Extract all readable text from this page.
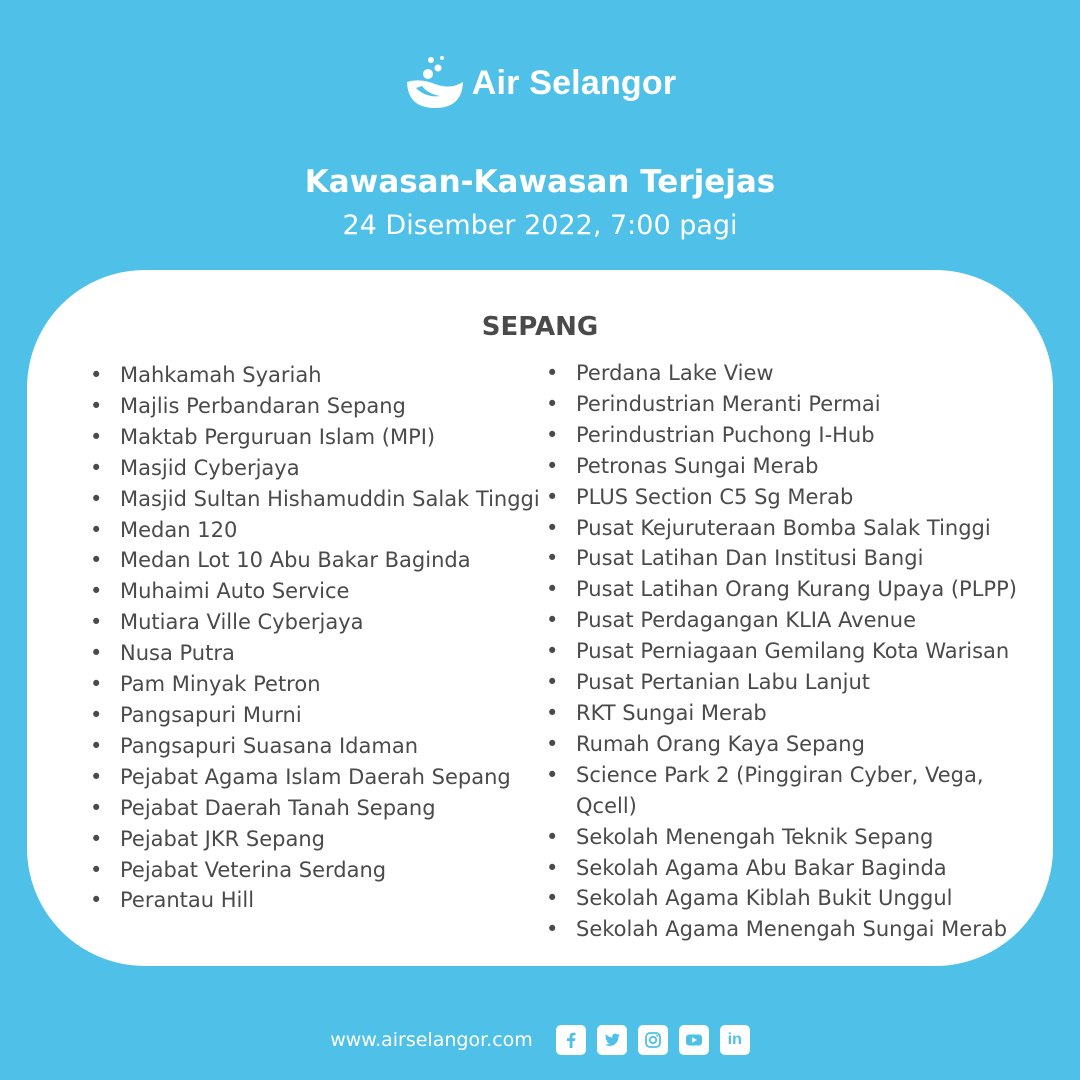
Air Selangor
Kawasan-Kawasan Terjejas
24 Disember 2022, 7:00 pagi
SEPANG
• Mahkamah Syariah
• Majlis Perbandaran Sepang
• Maktab Perguruan Islam (MPI)
• Masjid Cyberjaya
• Masjid Sultan Hishamuddin Salak Tinggi
• Medan 120
• Medan Lot 10 Abu Bakar Baginda
• Muhaimi Auto Service
• Mutiara Ville Cyberjaya
• Nusa Putra
• Pam Minyak Petron
• Pangsapuri Murni
• Pangsapuri Suasana Idaman
• Pejabat Agama Islam Daerah Sepang
• Pejabat Daerah Tanah Sepang
• Pejabat JKR Sepang
• Pejabat Veterina Serdang
• Perantau Hill
• Perdana Lake View
• Perindustrian Meranti Permai
• Perindustrian Puchong I-Hub
• Petronas Sungai Merab
• PLUS Section C5 Sg Merab
• Pusat Kejuruteraan Bomba Salak Tinggi
• Pusat Latihan Dan Institusi Bangi
• Pusat Latihan Orang Kurang Upaya (PLPP)
• Pusat Perdagangan KLIA Avenue
• Pusat Perniagaan Gemilang Kota Warisan
• Pusat Pertanian Labu Lanjut
• RKT Sungai Merab
• Rumah Orang Kaya Sepang
• Science Park 2 (Pinggiran Cyber, Vega, Qcell)
• Sekolah Menengah Teknik Sepang
• Sekolah Agama Abu Bakar Baginda
• Sekolah Agama Kiblah Bukit Unggul
• Sekolah Agama Menengah Sungai Merab
www.airselangor.com	in
